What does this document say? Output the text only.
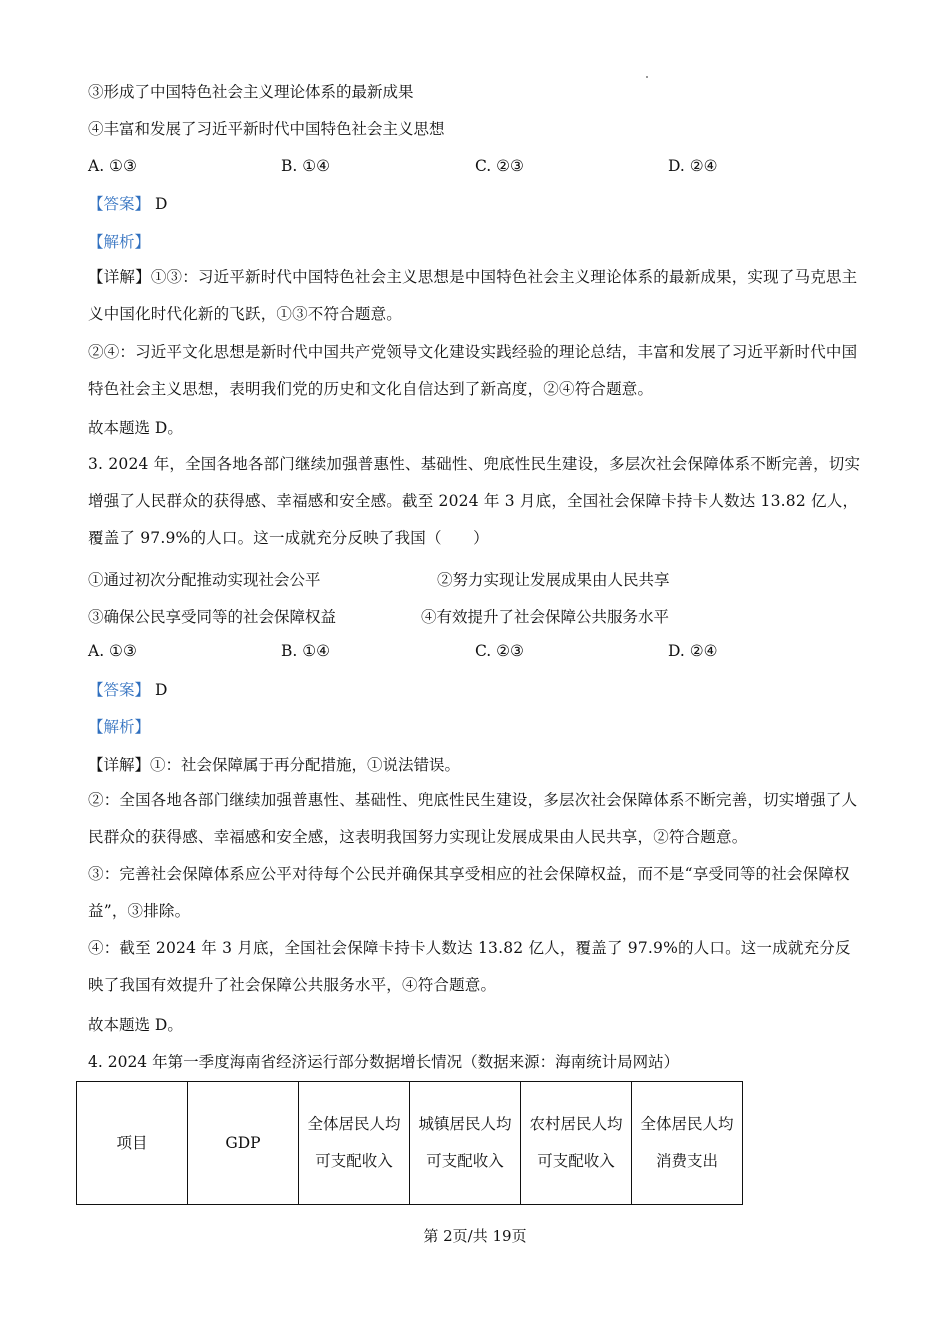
③形成了中国特色社会主义理论体系的最新成果
④丰富和发展了习近平新时代中国特色社会主义思想
A. ①③	B. ①④	C. ②③	D. ②④
【答案】 D
【解析】
【详解】①③：习近平新时代中国特色社会主义思想是中国特色社会主义理论体系的最新成果，实现了马克思主义中国化时代化新的飞跃，①③不符合题意。
②④：习近平文化思想是新时代中国共产党领导文化建设实践经验的理论总结，丰富和发展了习近平新时代中国特色社会主义思想，表明我们党的历史和文化自信达到了新高度，②④符合题意。
故本题选 D。
3. 2024 年，全国各地各部门继续加强普惠性、基础性、兜底性民生建设，多层次社会保障体系不断完善，切实增强了人民群众的获得感、幸福感和安全感。截至 2024 年 3 月底，全国社会保障卡持卡人数达 13.82 亿人，覆盖了 97.9%的人口。这一成就充分反映了我国（　　）
①通过初次分配推动实现社会公平	②努力实现让发展成果由人民共享
③确保公民享受同等的社会保障权益	④有效提升了社会保障公共服务水平
A. ①③	B. ①④	C. ②③	D. ②④
【答案】 D
【解析】
【详解】①：社会保障属于再分配措施，①说法错误。
②：全国各地各部门继续加强普惠性、基础性、兜底性民生建设，多层次社会保障体系不断完善，切实增强了人民群众的获得感、幸福感和安全感，这表明我国努力实现让发展成果由人民共享，②符合题意。
③：完善社会保障体系应公平对待每个公民并确保其享受相应的社会保障权益，而不是“享受同等的社会保障权益”，③排除。
④：截至 2024 年 3 月底，全国社会保障卡持卡人数达 13.82 亿人，覆盖了 97.9%的人口。这一成就充分反映了我国有效提升了社会保障公共服务水平，④符合题意。
故本题选 D。
4. 2024 年第一季度海南省经济运行部分数据增长情况（数据来源：海南统计局网站）
项目	GDP	全体居民人均可支配收入	城镇居民人均可支配收入	农村居民人均可支配收入	全体居民人均消费支出
第 2页/共 19页
